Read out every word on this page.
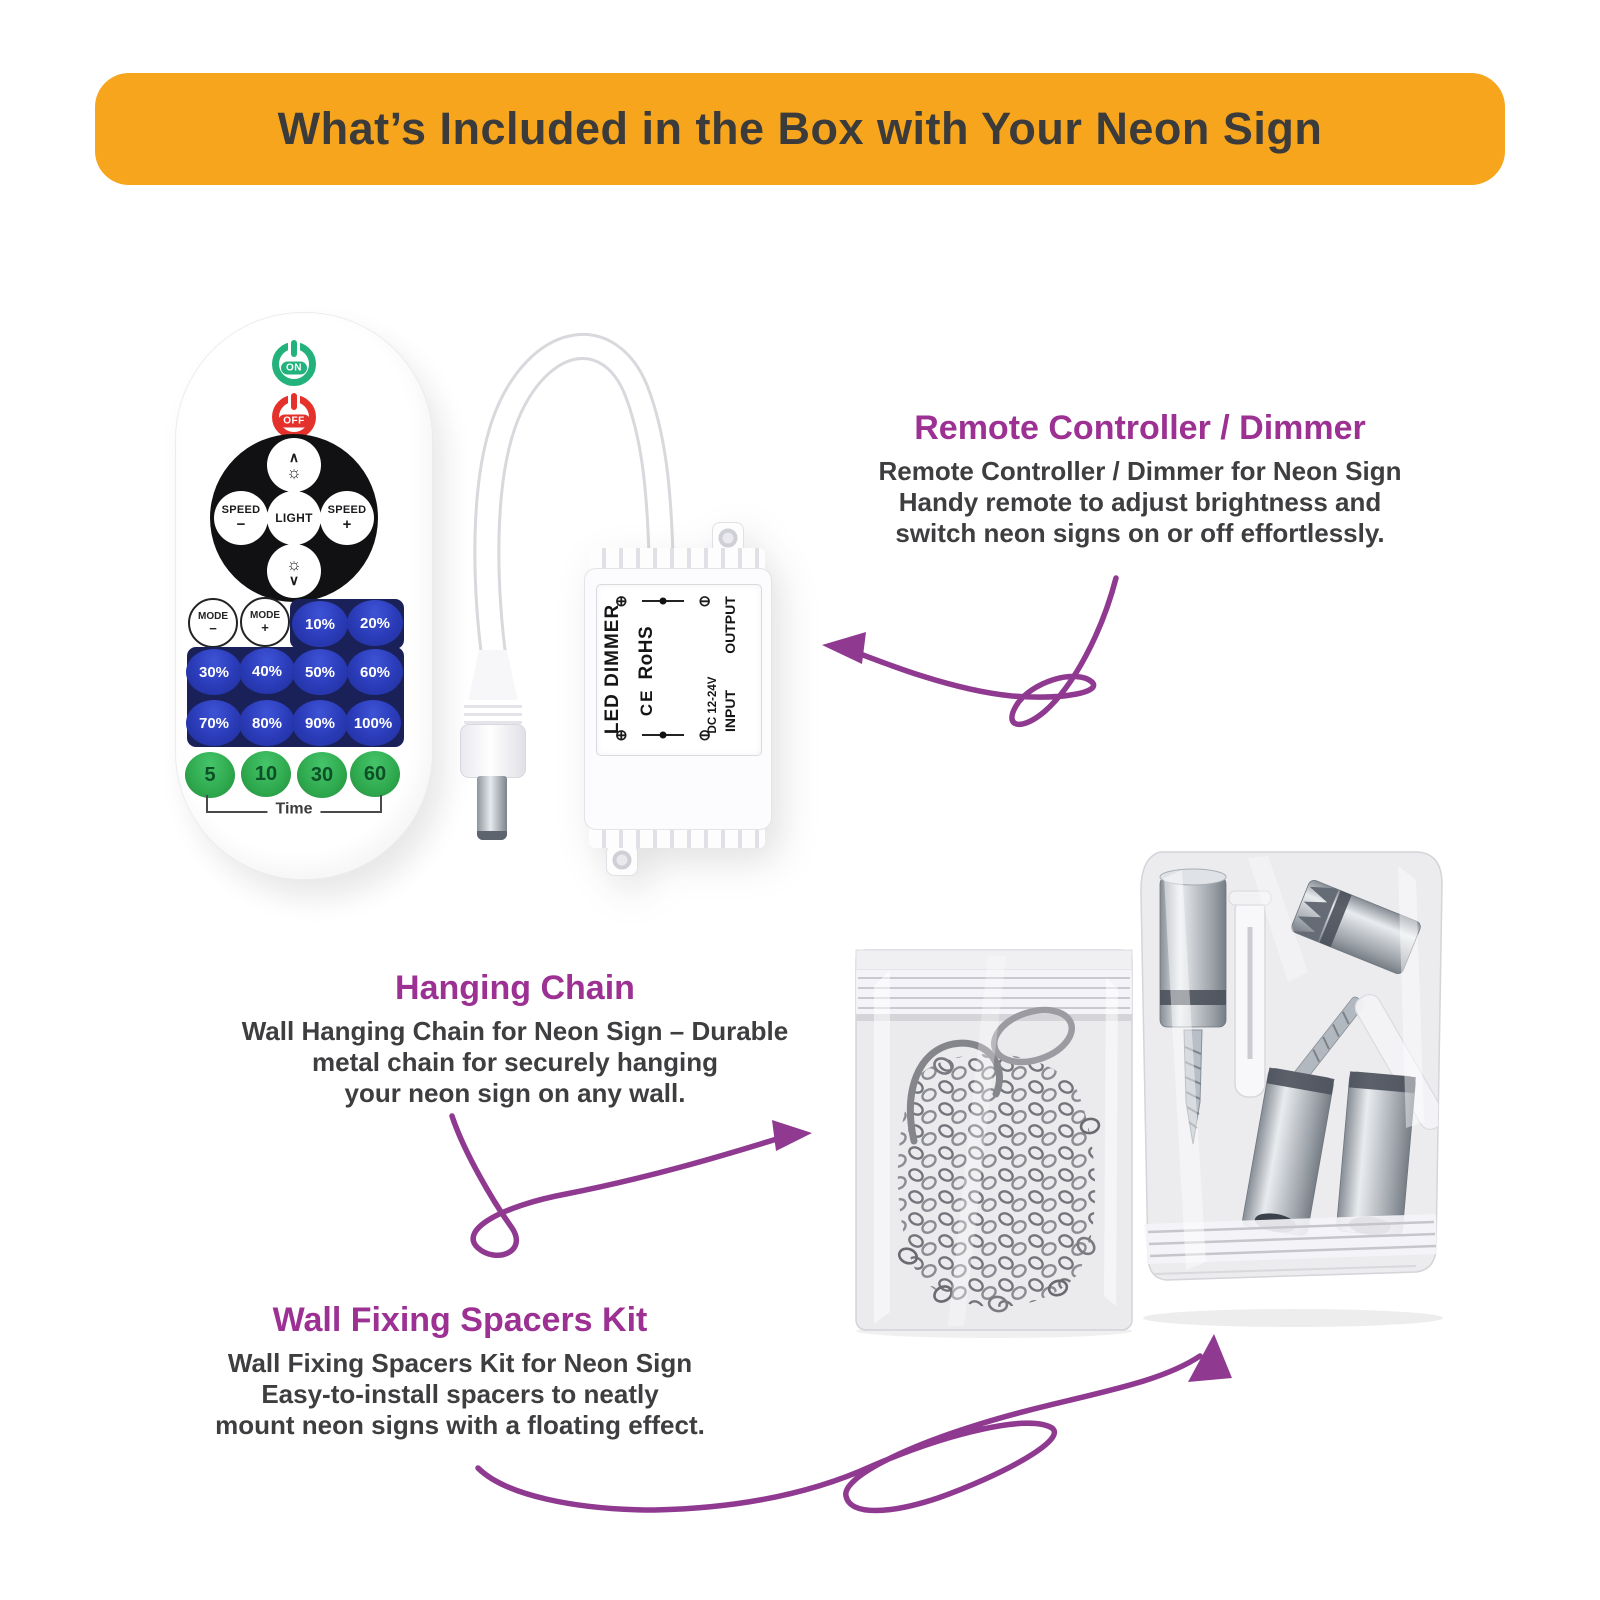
What’s Included in the Box with Your Neon Sign
ON
OFF
∧
☼
SPEED
− LIGHT
SPEED
+
☼
∨
MODE
−
MODE
+	10%	20%
30%	40%	50%	60%
70%	80%	90%	100%
5	10	30	60
Time
⊕	⊖
⊕	⊖
LED DIMMER CERoHS
DC 12-24V INPUT
OUTPUT
Remote Controller / Dimmer
Remote Controller / Dimmer for Neon Sign
Handy remote to adjust brightness and
switch neon signs on or off effortlessly.
Hanging Chain
Wall Hanging Chain for Neon Sign – Durable
metal chain for securely hanging
your neon sign on any wall.
Wall Fixing Spacers Kit
Wall Fixing Spacers Kit for Neon Sign
Easy-to-install spacers to neatly
mount neon signs with a floating effect.
